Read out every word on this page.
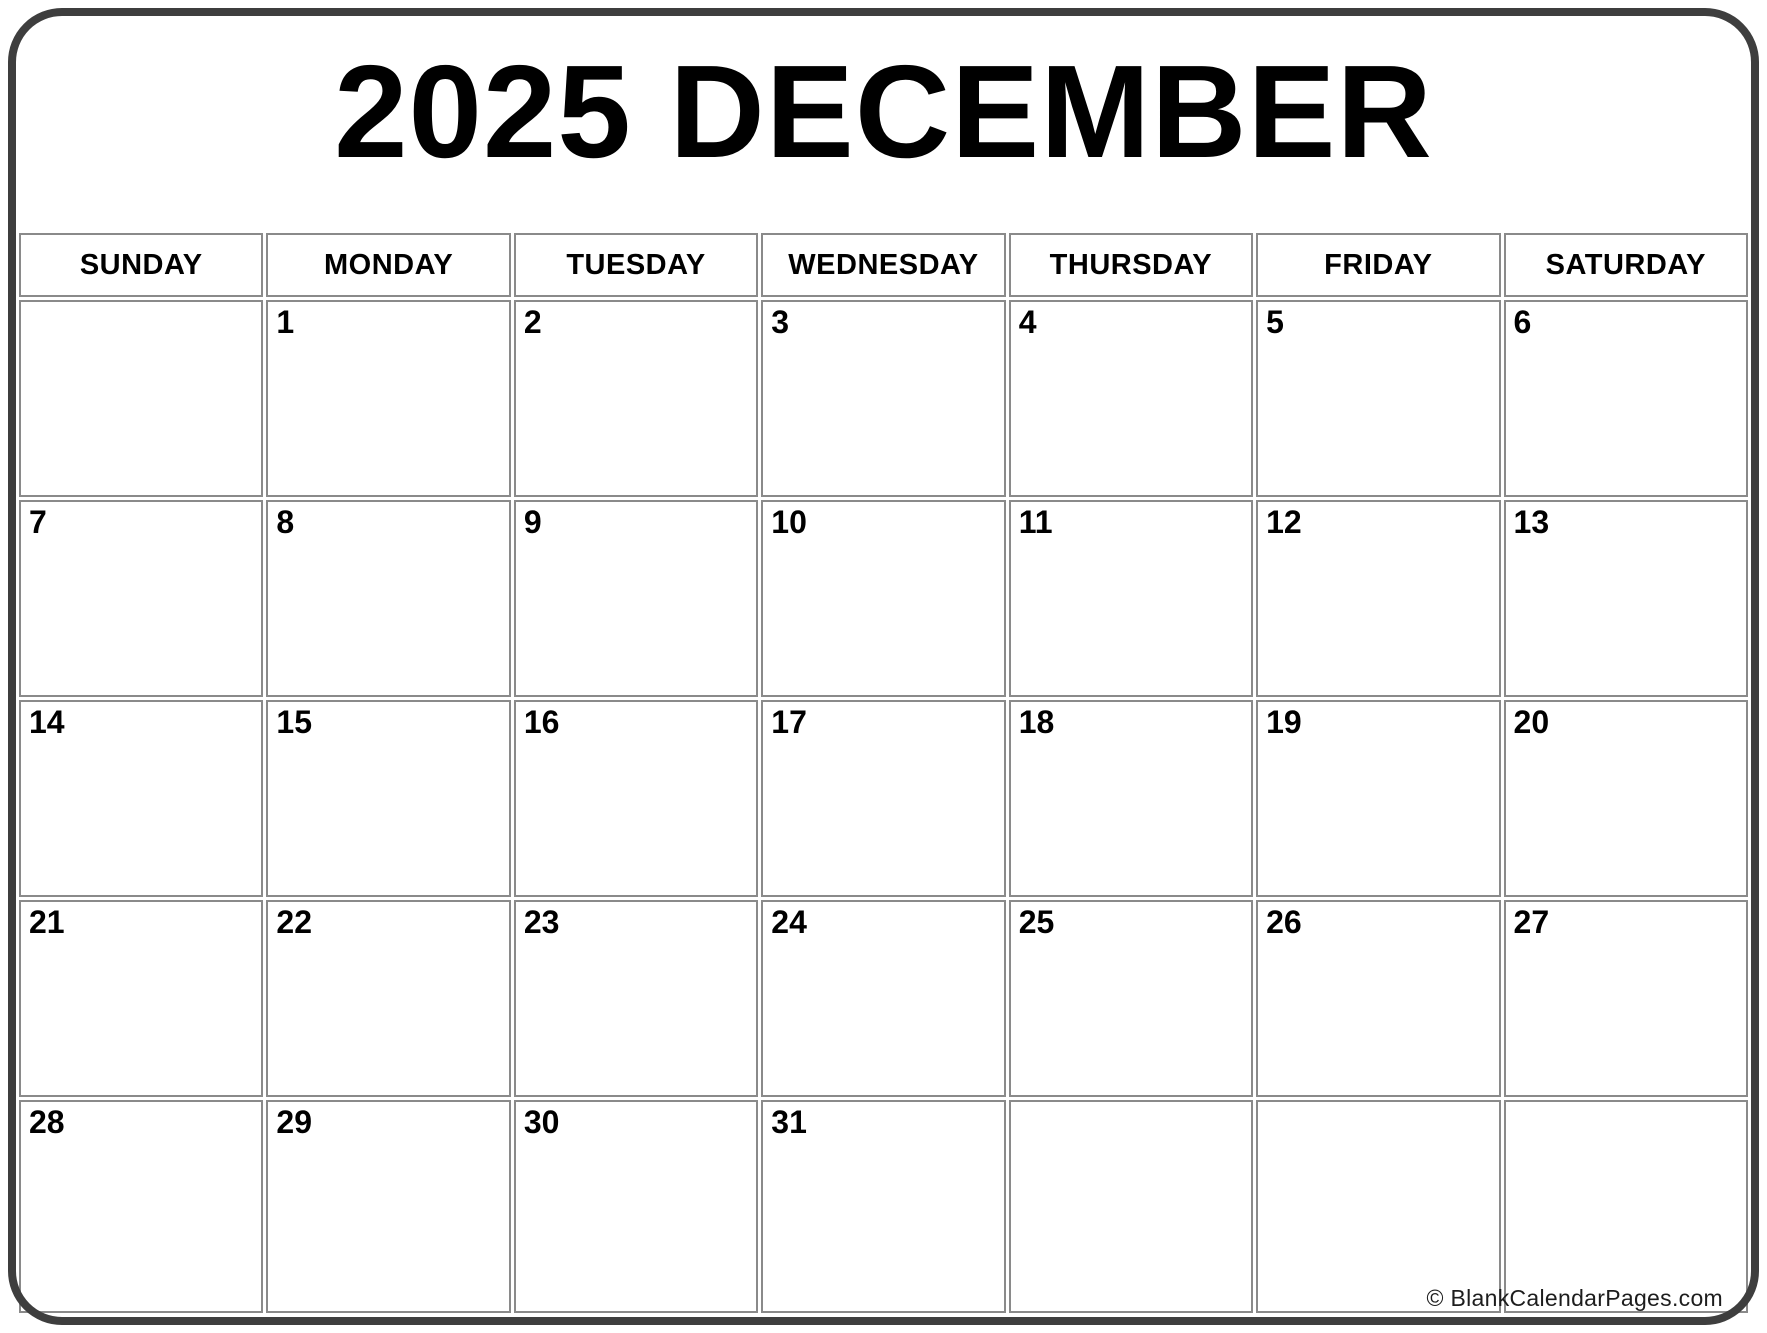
2025 DECEMBER
SUNDAY	MONDAY	TUESDAY	WEDNESDAY	THURSDAY	FRIDAY	SATURDAY
	1	2	3	4	5	6
7	8	9	10	11	12	13
14	15	16	17	18	19	20
21	22	23	24	25	26	27
28	29	30	31			
© BlankCalendarPages.com
